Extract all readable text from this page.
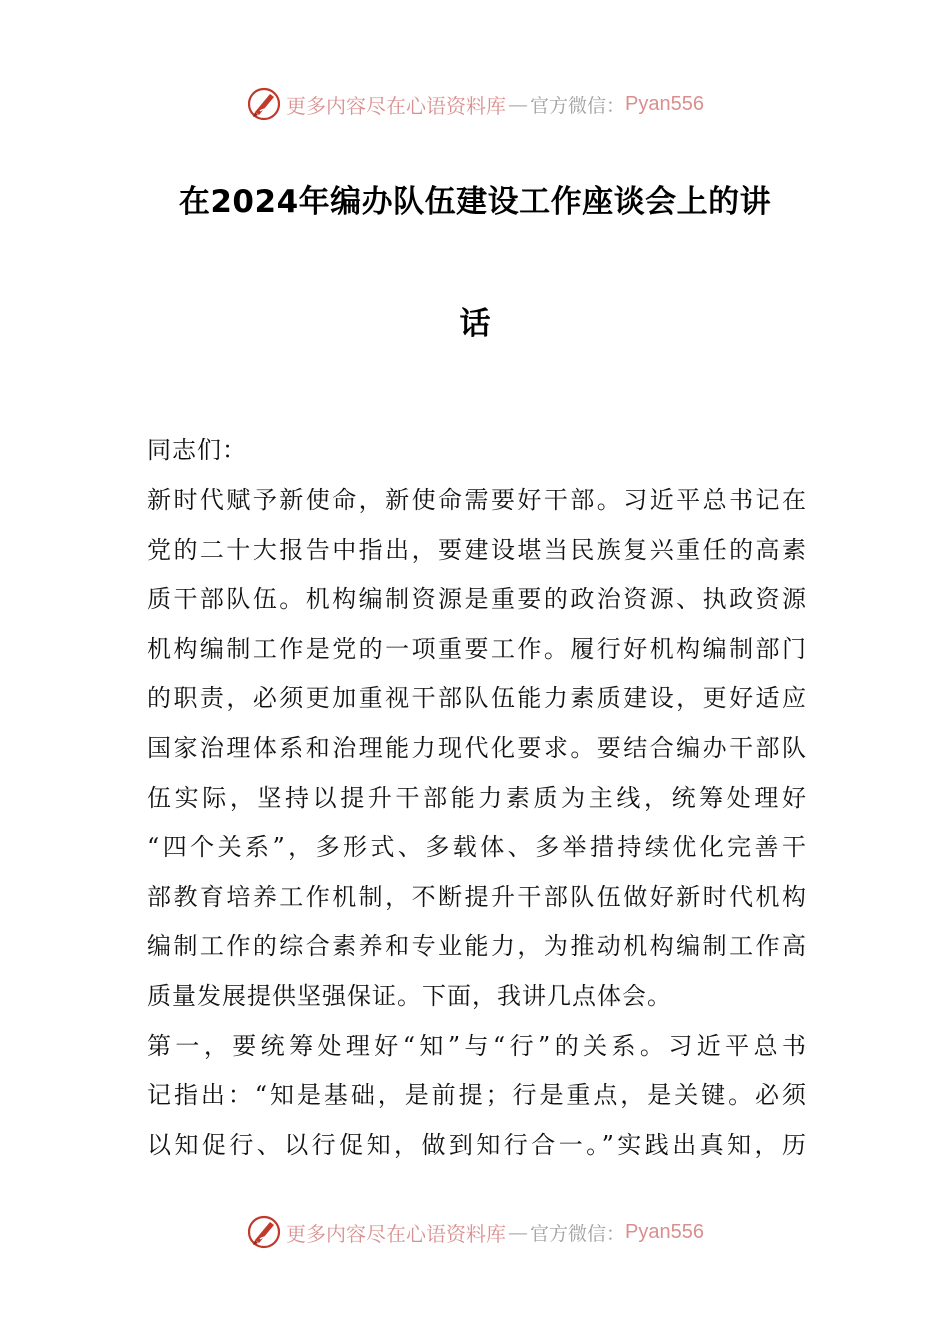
更多内容尽在心语资料库 — 官方微信： Pyan556
在2024年编办队伍建设工作座谈会上的讲
话
同志们：
新时代赋予新使命，新使命需要好干部。习近平总书记在
党的二十大报告中指出，要建设堪当民族复兴重任的高素
质干部队伍。机构编制资源是重要的政治资源、执政资源
机构编制工作是党的一项重要工作。履行好机构编制部门
的职责，必须更加重视干部队伍能力素质建设，更好适应
国家治理体系和治理能力现代化要求。要结合编办干部队
伍实际，坚持以提升干部能力素质为主线，统筹处理好
“四个关系”，多形式、多载体、多举措持续优化完善干
部教育培养工作机制，不断提升干部队伍做好新时代机构
编制工作的综合素养和专业能力，为推动机构编制工作高
质量发展提供坚强保证。下面，我讲几点体会。
第一，要统筹处理好“知”与“行”的关系。习近平总书
记指出：“知是基础，是前提；行是重点，是关键。必须
以知促行、以行促知，做到知行合一。”实践出真知，历
更多内容尽在心语资料库 — 官方微信： Pyan556
